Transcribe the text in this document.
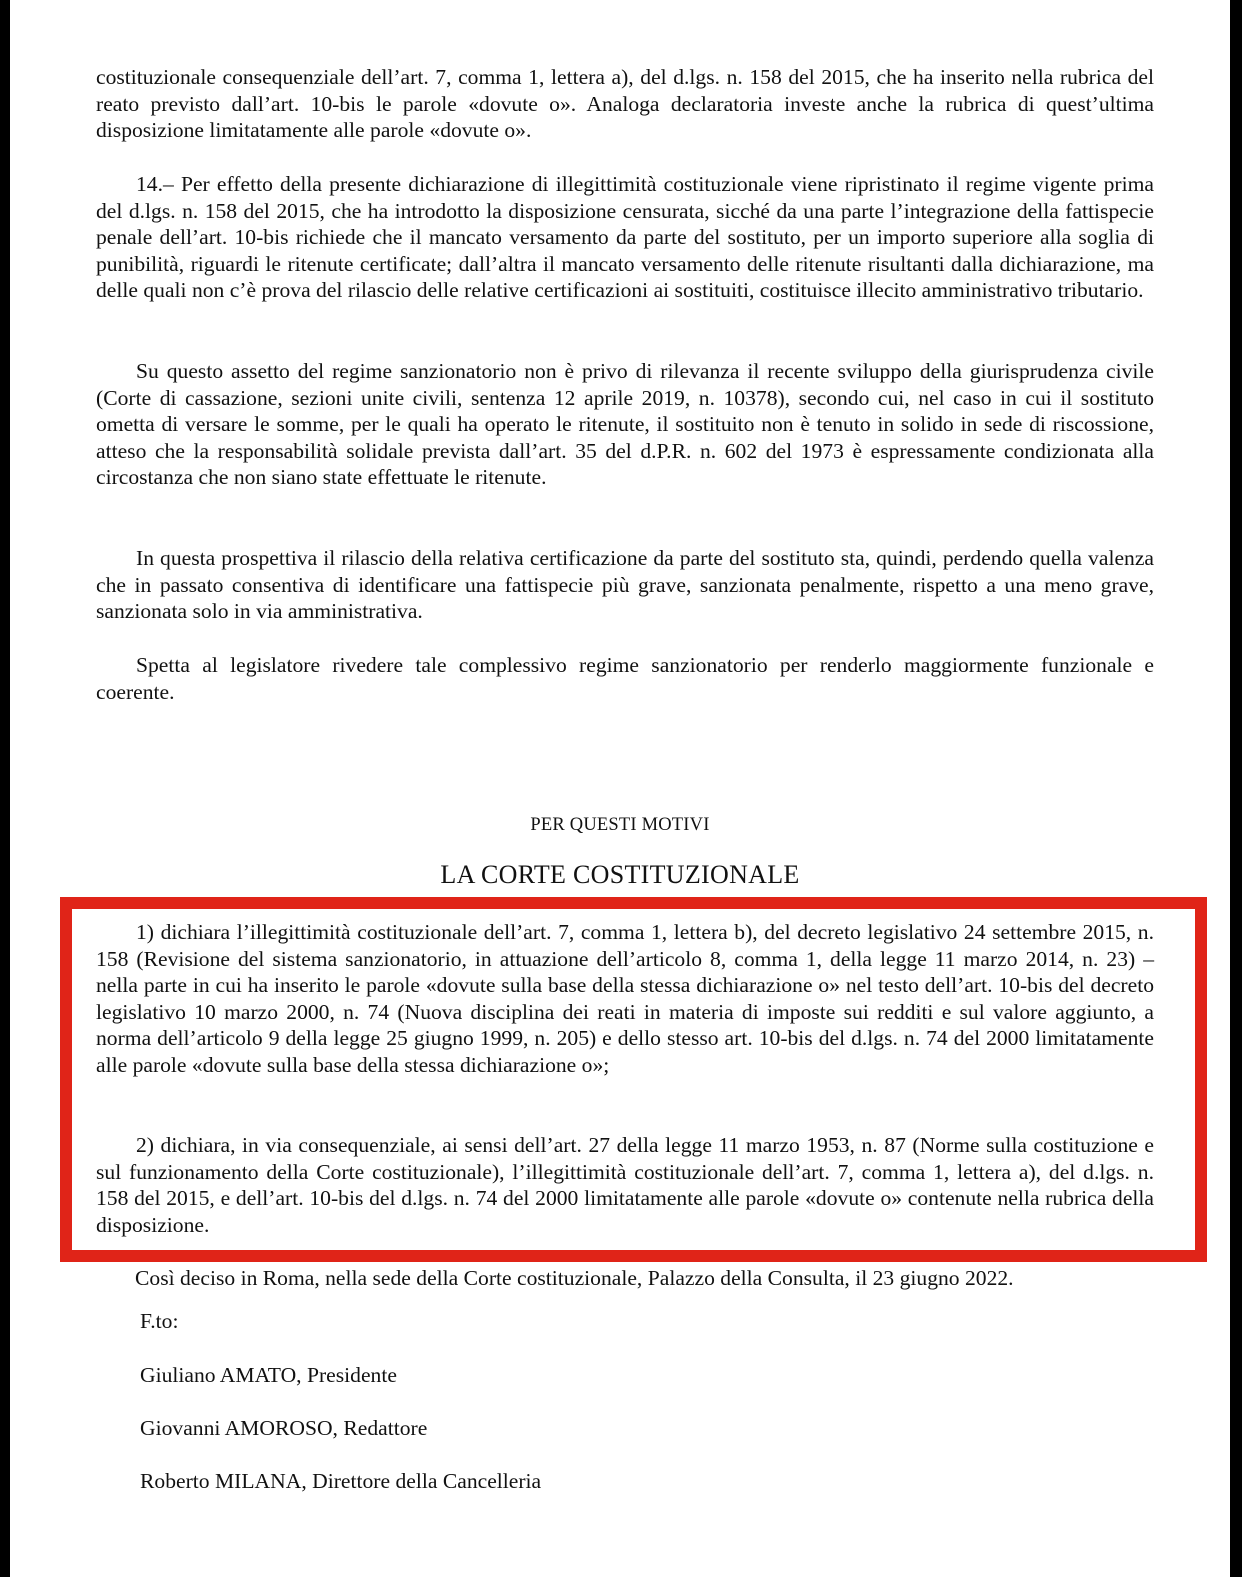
costituzionale consequenziale dell’art. 7, comma 1, lettera a), del d.lgs. n. 158 del 2015, che ha inserito nella rubrica del reato previsto dall’art. 10-bis le parole «dovute o». Analoga declaratoria investe anche la rubrica di quest’ultima disposizione limitatamente alle parole «dovute o».

14.– Per effetto della presente dichiarazione di illegittimità costituzionale viene ripristinato il regime vigente prima del d.lgs. n. 158 del 2015, che ha introdotto la disposizione censurata, sicché da una parte l’integrazione della fattispecie penale dell’art. 10-bis richiede che il mancato versamento da parte del sostituto, per un importo superiore alla soglia di punibilità, riguardi le ritenute certificate; dall’altra il mancato versamento delle ritenute risultanti dalla dichiarazione, ma delle quali non c’è prova del rilascio delle relative certificazioni ai sostituiti, costituisce illecito amministrativo tributario.

Su questo assetto del regime sanzionatorio non è privo di rilevanza il recente sviluppo della giurisprudenza civile (Corte di cassazione, sezioni unite civili, sentenza 12 aprile 2019, n. 10378), secondo cui, nel caso in cui il sostituto ometta di versare le somme, per le quali ha operato le ritenute, il sostituito non è tenuto in solido in sede di riscossione, atteso che la responsabilità solidale prevista dall’art. 35 del d.P.R. n. 602 del 1973 è espressamente condizionata alla circostanza che non siano state effettuate le ritenute.

In questa prospettiva il rilascio della relativa certificazione da parte del sostituto sta, quindi, perdendo quella valenza che in passato consentiva di identificare una fattispecie più grave, sanzionata penalmente, rispetto a una meno grave, sanzionata solo in via amministrativa.

Spetta al legislatore rivedere tale complessivo regime sanzionatorio per renderlo maggiormente funzionale e coerente.

PER QUESTI MOTIVI

LA CORTE COSTITUZIONALE

1) dichiara l’illegittimità costituzionale dell’art. 7, comma 1, lettera b), del decreto legislativo 24 settembre 2015, n. 158 (Revisione del sistema sanzionatorio, in attuazione dell’articolo 8, comma 1, della legge 11 marzo 2014, n. 23) – nella parte in cui ha inserito le parole «dovute sulla base della stessa dichiarazione o» nel testo dell’art. 10-bis del decreto legislativo 10 marzo 2000, n. 74 (Nuova disciplina dei reati in materia di imposte sui redditi e sul valore aggiunto, a norma dell’articolo 9 della legge 25 giugno 1999, n. 205) e dello stesso art. 10-bis del d.lgs. n. 74 del 2000 limitatamente alle parole «dovute sulla base della stessa dichiarazione o»;

2) dichiara, in via consequenziale, ai sensi dell’art. 27 della legge 11 marzo 1953, n. 87 (Norme sulla costituzione e sul funzionamento della Corte costituzionale), l’illegittimità costituzionale dell’art. 7, comma 1, lettera a), del d.lgs. n. 158 del 2015, e dell’art. 10-bis del d.lgs. n. 74 del 2000 limitatamente alle parole «dovute o» contenute nella rubrica della disposizione.

Così deciso in Roma, nella sede della Corte costituzionale, Palazzo della Consulta, il 23 giugno 2022.

F.to:

Giuliano AMATO, Presidente

Giovanni AMOROSO, Redattore

Roberto MILANA, Direttore della Cancelleria
